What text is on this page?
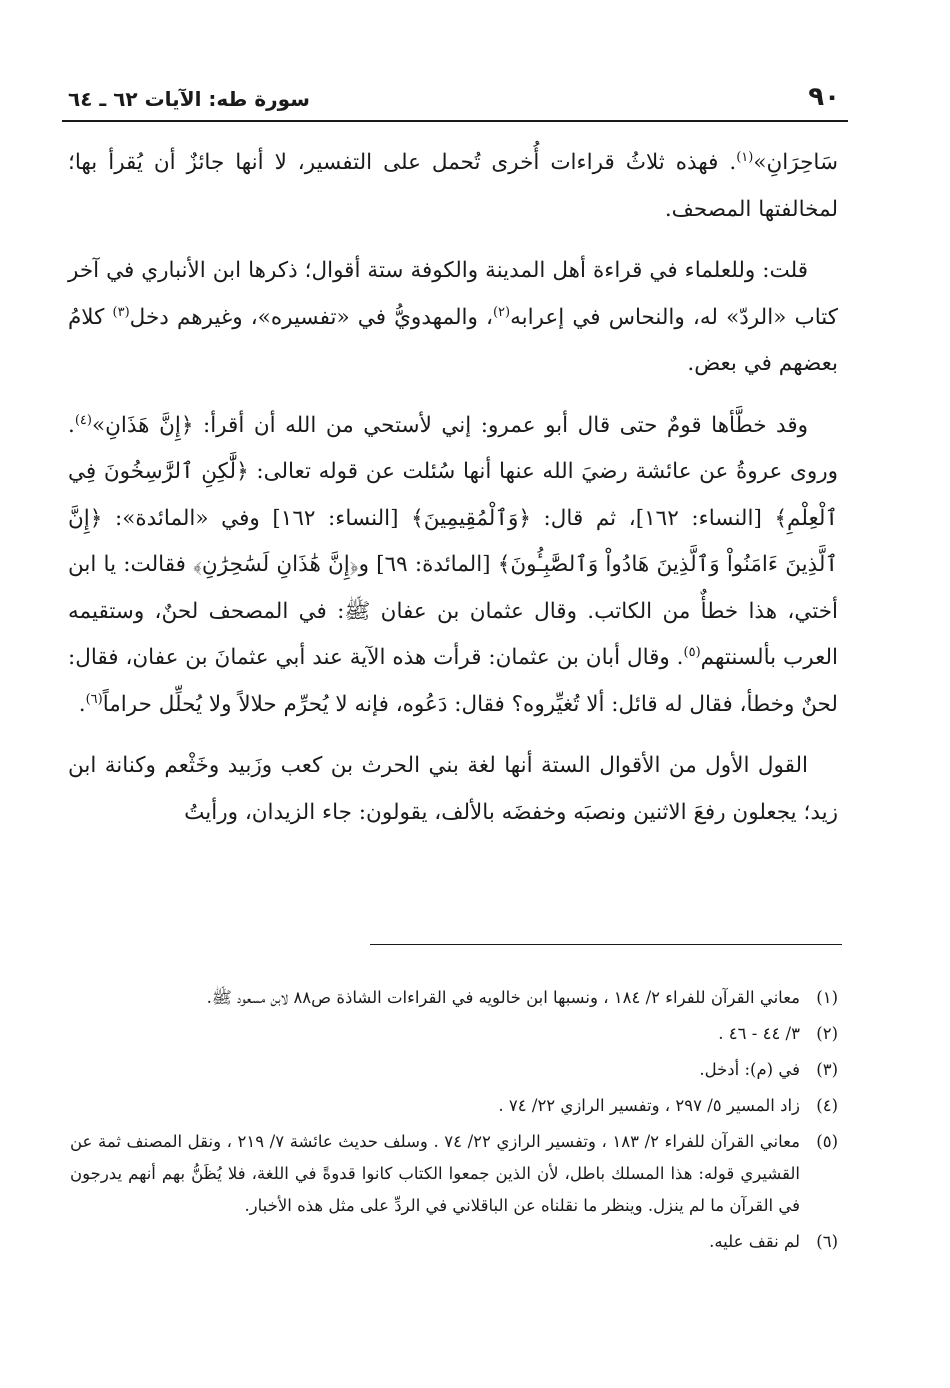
٩٠
سورة طه: الآيات ٦٢ ـ ٦٤

سَاحِرَانِ»$^{(١)}$. فهذه ثلاثُ قراءات أُخرى تُحمل على التفسير، لا أنها جائزٌ أن يُقرأ بها؛ لمخالفتها المصحف.

قلت: وللعلماء في قراءة أهل المدينة والكوفة ستة أقوال؛ ذكرها ابن الأنباري في آخر كتاب «الردّ» له، والنحاس في إعرابه$^{(٢)}$، والمهدويُّ في «تفسيره»، وغيرهم دخل$^{(٣)}$ كلامُ بعضهم في بعض.

وقد خطَّأها قومٌ حتى قال أبو عمرو: إني لأستحي من الله أن أقرأ: ﴿إِنَّ هَذَانِ»$^{(٤)}$. وروى عروةُ عن عائشة رضيَ الله عنها أنها سُئلت عن قوله تعالى: ﴿لَّٰكِنِ ٱلرَّٰسِخُونَ فِي ٱلْعِلْمِ﴾ [النساء: ١٦٢]، ثم قال: ﴿وَٱلْمُقِيمِينَ﴾ [النساء: ١٦٢] وفي «المائدة»: ﴿إِنَّ ٱلَّذِينَ ءَامَنُواْ وَٱلَّذِينَ هَادُواْ وَٱلصَّٰبِـُٔونَ﴾ [المائدة: ٦٩] و﴿إِنَّ هَٰذَانِ لَسَٰحِرَٰنِ﴾ فقالت: يا ابن أختي، هذا خطأٌ من الكاتب. وقال عثمان بن عفان ﷺ: في المصحف لحنٌ، وستقيمه العرب بألسنتهم$^{(٥)}$. وقال أبان بن عثمان: قرأت هذه الآية عند أبي عثمانَ بن عفان، فقال: لحنٌ وخطأ، فقال له قائل: ألا تُغيِّروه؟ فقال: دَعُوه، فإنه لا يُحرِّم حلالاً ولا يُحلِّل حراماً$^{(٦)}$.

القول الأول من الأقوال الستة أنها لغة بني الحرث بن كعب وزَبيد وخَثْعم وكنانة ابن زيد؛ يجعلون رفعَ الاثنين ونصبَه وخفضَه بالألف، يقولون: جاء الزيدان، ورأيتُ

(١)
معاني القرآن للفراء ٢/ ١٨٤ ، ونسبها ابن خالويه في القراءات الشاذة ص٨٨ لابن مسعود ﷺ.
(٢)
٣/ ٤٤ - ٤٦ .
(٣)
في (م): أدخل.
(٤)
زاد المسير ٥/ ٢٩٧ ، وتفسير الرازي ٢٢/ ٧٤ .
(٥)
معاني القرآن للفراء ٢/ ١٨٣ ، وتفسير الرازي ٢٢/ ٧٤ . وسلف حديث عائشة ٧/ ٢١٩ ، ونقل المصنف ثمة عن القشيري قوله: هذا المسلك باطل، لأن الذين جمعوا الكتاب كانوا قدوةً في اللغة، فلا يُظَنُّ بهم أنهم يدرجون في القرآن ما لم ينزل. وينظر ما نقلناه عن الباقلاني في الردِّ على مثل هذه الأخبار.
(٦)
لم نقف عليه.
